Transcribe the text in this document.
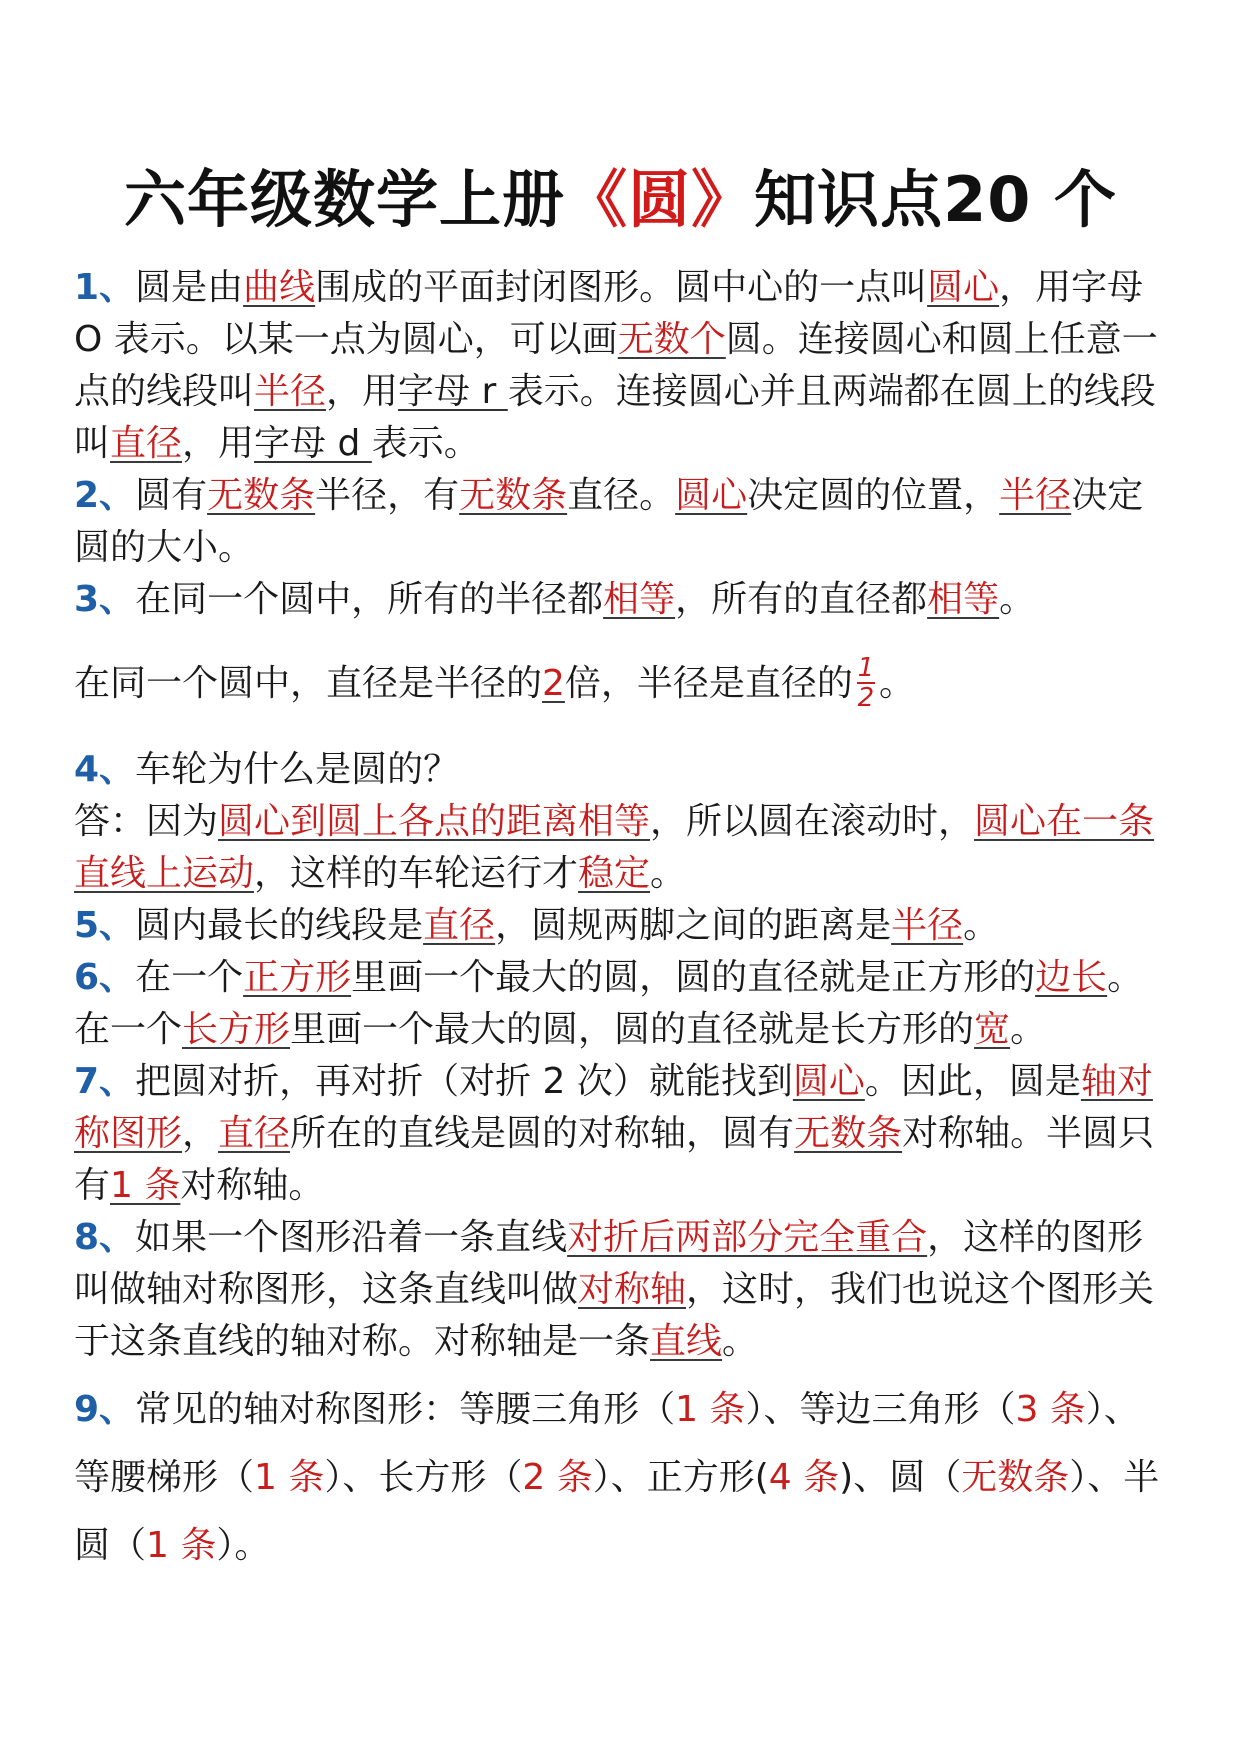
六年级数学上册《圆》知识点20 个

1、圆是由曲线围成的平面封闭图形。圆中心的一点叫圆心，用字母 O 表示。以某一点为圆心，可以画无数个圆。连接圆心和圆上任意一点的线段叫半径，用字母 r 表示。连接圆心并且两端都在圆上的线段叫直径，用字母 d 表示。

2、圆有无数条半径，有无数条直径。圆心决定圆的位置，半径决定圆的大小。

3、在同一个圆中，所有的半径都相等，所有的直径都相等。

在同一个圆中，直径是半径的2倍，半径是直径的 $\frac{1}{2}$ 。

4、车轮为什么是圆的？

答：因为圆心到圆上各点的距离相等，所以圆在滚动时，圆心在一条直线上运动，这样的车轮运行才稳定。

5、圆内最长的线段是直径，圆规两脚之间的距离是半径。

6、在一个正方形里画一个最大的圆，圆的直径就是正方形的边长。在一个长方形里画一个最大的圆，圆的直径就是长方形的宽。

7、把圆对折，再对折（对折 2 次）就能找到圆心。因此，圆是轴对称图形，直径所在的直线是圆的对称轴，圆有无数条对称轴。半圆只有1 条对称轴。

8、如果一个图形沿着一条直线对折后两部分完全重合，这样的图形叫做轴对称图形，这条直线叫做对称轴，这时，我们也说这个图形关于这条直线的轴对称。对称轴是一条直线。

9、常见的轴对称图形：等腰三角形（1 条）、等边三角形（3 条）、等腰梯形（1 条）、长方形（2 条）、正方形(4 条)、圆（无数条）、半圆（1 条）。
